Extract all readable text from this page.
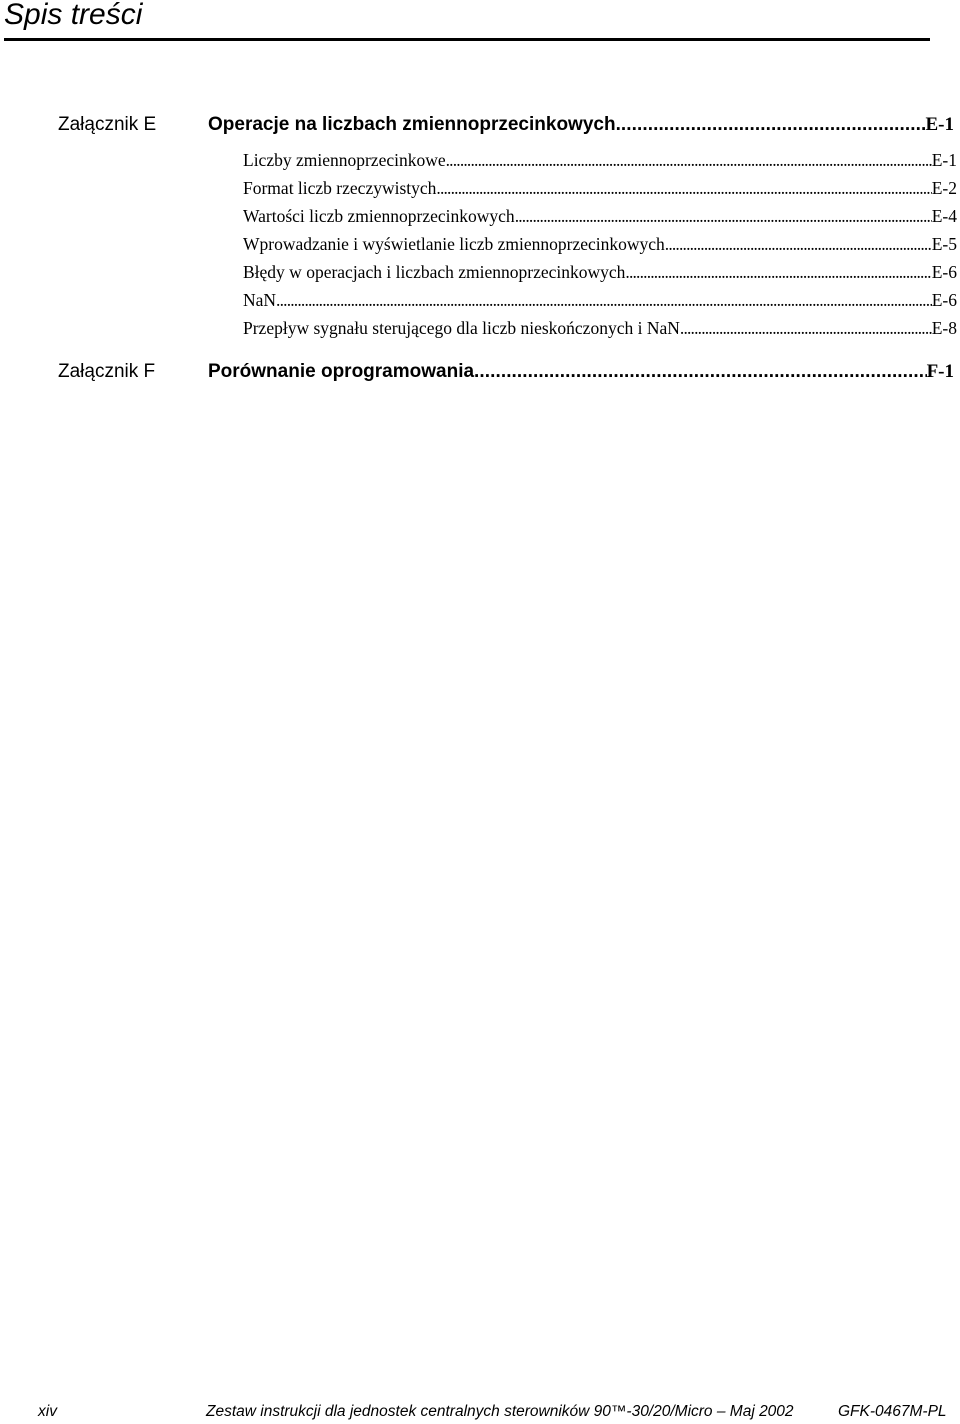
Spis treści
Załącznik E	Operacje na liczbach zmiennoprzecinkowych . . .	E-1
Liczby zmiennoprzecinkowe . . .	E-1
Format liczb rzeczywistych . . .	E-2
Wartości liczb zmiennoprzecinkowych . . .	E-4
Wprowadzanie i wyświetlanie liczb zmiennoprzecinkowych . . .	E-5
Błędy w operacjach i liczbach zmiennoprzecinkowych . . .	E-6
NaN . . .	E-6
Przepływ sygnału sterującego dla liczb nieskończonych i NaN . . .	E-8
Załącznik F	Porównanie oprogramowania . . .	F-1
xiv	Zestaw instrukcji dla jednostek centralnych sterowników 90™-30/20/Micro – Maj 2002	GFK-0467M-PL
